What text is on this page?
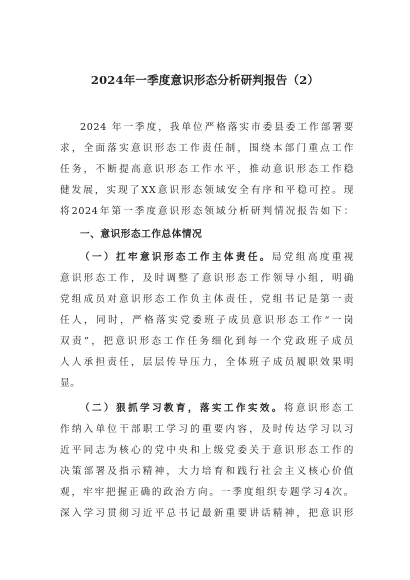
2024年一季度意识形态分析研判报告（2）
2024 年一季度，我单位严格落实市委县委工作部署要
求，全面落实意识形态工作责任制，围绕本部门重点工作
任务，不断提高意识形态工作水平，推动意识形态工作稳
健发展，实现了XX意识形态领域安全有序和平稳可控。现
将2024年第一季度意识形态领域分析研判情况报告如下：
一、意识形态工作总体情况
（一）扛牢意识形态工作主体责任。局党组高度重视
意识形态工作，及时调整了意识形态工作领导小组，明确
党组成员对意识形态工作负主体责任，党组书记是第一责
任人，同时，严格落实党委班子成员意识形态工作“一岗
双责”，把意识形态工作任务细化到每一个党政班子成员
人人承担责任，层层传导压力，全体班子成员履职效果明
显。
（二）狠抓学习教育，落实工作实效。将意识形态工
作纳入单位干部职工学习的重要内容，及时传达学习以习
近平同志为核心的党中央和上级党委关于意识形态工作的
决策部署及指示精神，大力培育和践行社会主义核心价值
观，牢牢把握正确的政治方向。一季度组织专题学习4次。
深入学习贯彻习近平总书记最新重要讲话精神，把意识形
